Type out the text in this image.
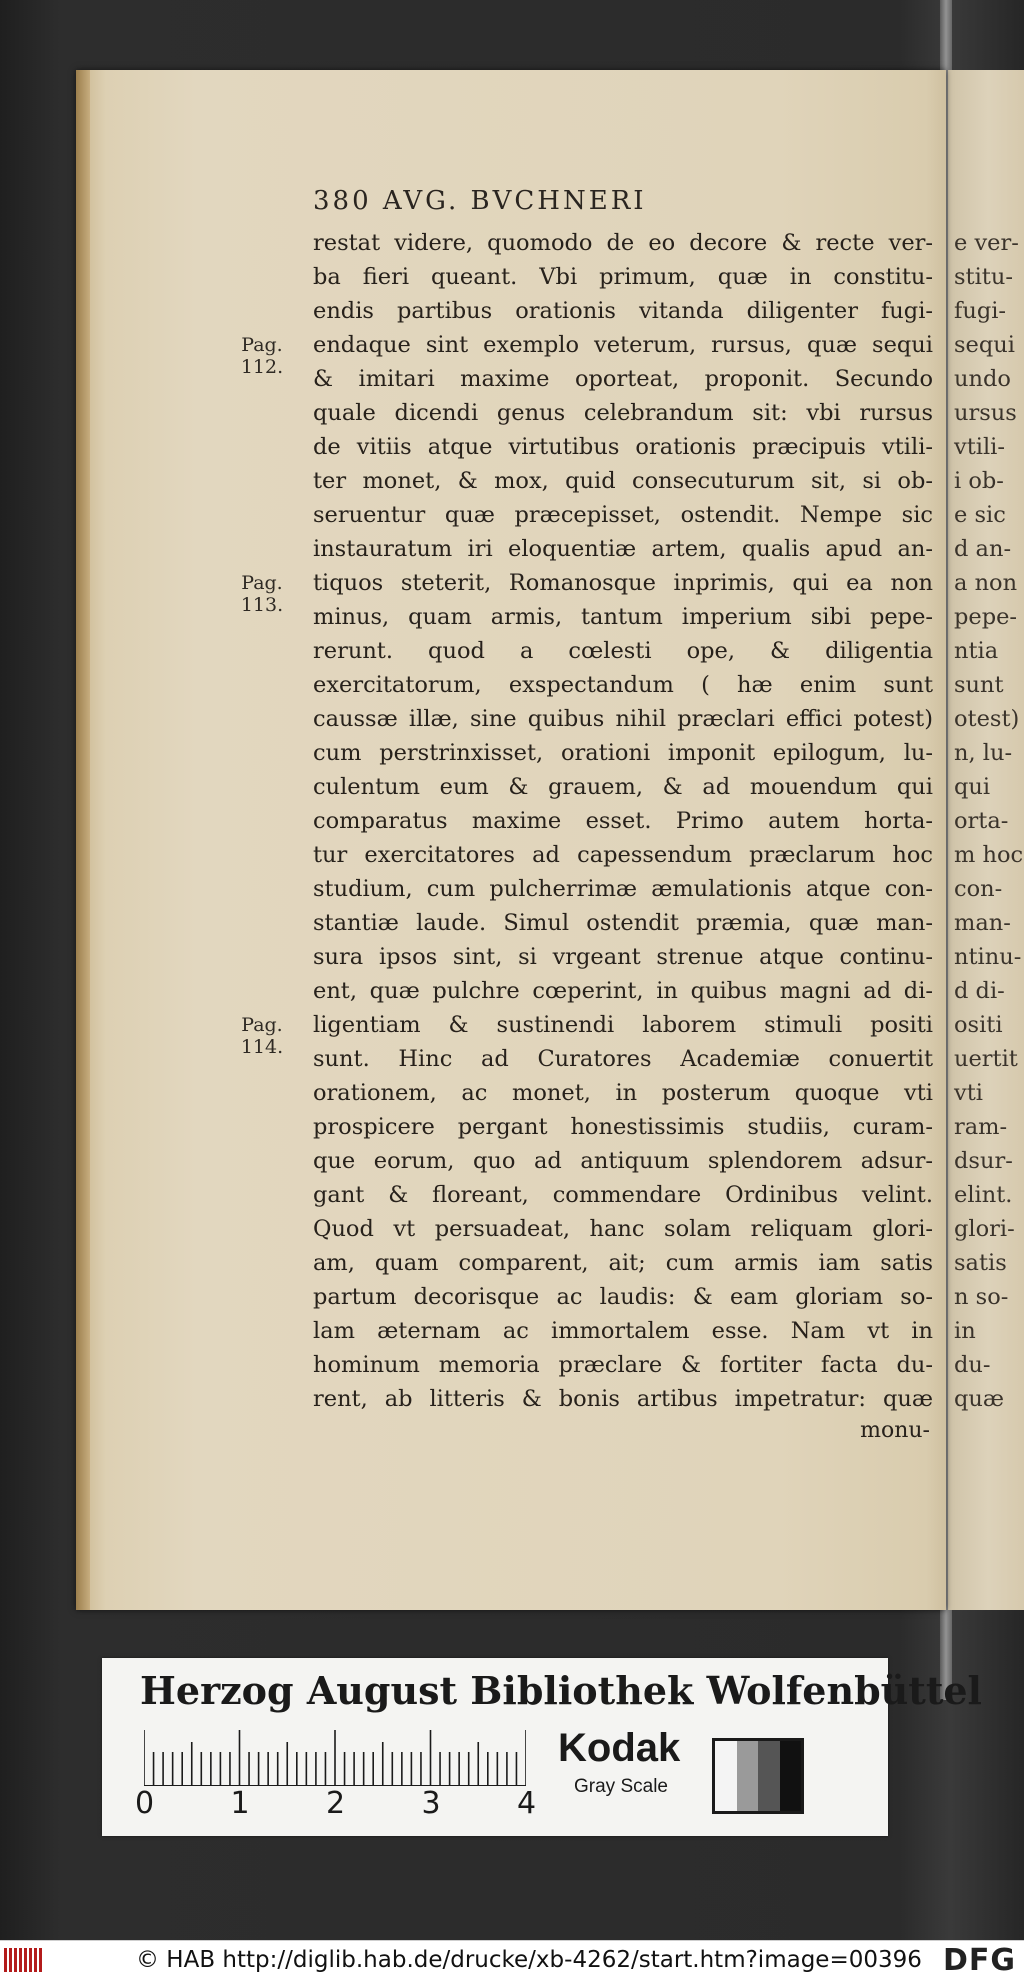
e ver-
stitu-
fugi-
sequi
undo
ursus
vtili-
i ob-
e sic
d an-
a non
pepe-
ntia
sunt
otest)
n, lu-
qui
orta-
m hoc
con-
man-
ntinu-
d di-
ositi
uertit
vti
ram-
dsur-
elint.
glori-
satis
n so-
in
du-
quæ
380 AVG. BVCHNERI
restat videre, quomodo de eo decore & recte ver-
ba fieri queant. Vbi primum, quæ in constitu-
endis partibus orationis vitanda diligenter fugi-
endaque sint exemplo veterum, rursus, quæ sequi
& imitari maxime oporteat, proponit. Secundo
quale dicendi genus celebrandum sit: vbi rursus
de vitiis atque virtutibus orationis præcipuis vtili-
ter monet, & mox, quid consecuturum sit, si ob-
seruentur quæ præcepisset, ostendit. Nempe sic
instauratum iri eloquentiæ artem, qualis apud an-
tiquos steterit, Romanosque inprimis, qui ea non
minus, quam armis, tantum imperium sibi pepe-
rerunt. quod a cœlesti ope, & diligentia
exercitatorum, exspectandum ( hæ enim sunt
caussæ illæ, sine quibus nihil præclari effici potest)
cum perstrinxisset, orationi imponit epilogum, lu-
culentum eum & grauem, & ad mouendum qui
comparatus maxime esset. Primo autem horta-
tur exercitatores ad capessendum præclarum hoc
studium, cum pulcherrimæ æmulationis atque con-
stantiæ laude. Simul ostendit præmia, quæ man-
sura ipsos sint, si vrgeant strenue atque continu-
ent, quæ pulchre cœperint, in quibus magni ad di-
ligentiam & sustinendi laborem stimuli positi
sunt. Hinc ad Curatores Academiæ conuertit
orationem, ac monet, in posterum quoque vti
prospicere pergant honestissimis studiis, curam-
que eorum, quo ad antiquum splendorem adsur-
gant & floreant, commendare Ordinibus velint.
Quod vt persuadeat, hanc solam reliquam glori-
am, quam comparent, ait; cum armis iam satis
partum decorisque ac laudis: & eam gloriam so-
lam æternam ac immortalem esse. Nam vt in
hominum memoria præclare & fortiter facta du-
rent, ab litteris & bonis artibus impetratur: quæ
monu-
Pag. 112.
Pag. 113.
Pag. 114.
Herzog August Bibliothek Wolfenbüttel
0	1	2	3	4
Kodak
Gray Scale
© HAB http://diglib.hab.de/drucke/xb-4262/start.htm?image=00396 DFG
